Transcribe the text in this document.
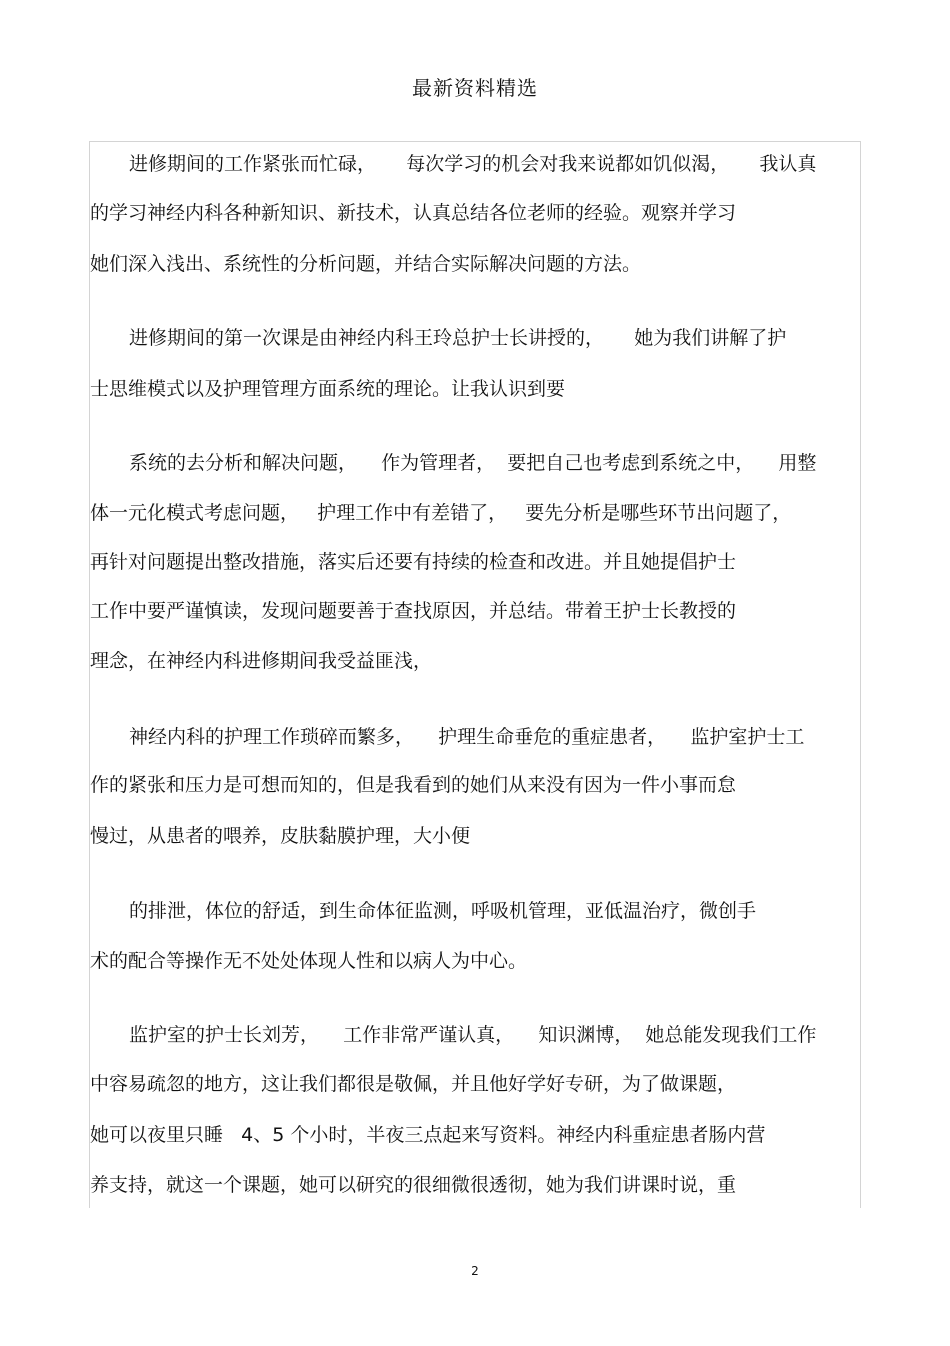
最新资料精选
进修期间的工作紧张而忙碌，     每次学习的机会对我来说都如饥似渴，     我认真
的学习神经内科各种新知识、新技术，认真总结各位老师的经验。观察并学习
她们深入浅出、系统性的分析问题，并结合实际解决问题的方法。
进修期间的第一次课是由神经内科王玲总护士长讲授的，     她为我们讲解了护
士思维模式以及护理管理方面系统的理论。让我认识到要
系统的去分析和解决问题，    作为管理者，  要把自己也考虑到系统之中，    用整
体一元化模式考虑问题，   护理工作中有差错了，   要先分析是哪些环节出问题了，
再针对问题提出整改措施，落实后还要有持续的检查和改进。并且她提倡护士
工作中要严谨慎读，发现问题要善于查找原因，并总结。带着王护士长教授的
理念，在神经内科进修期间我受益匪浅，
神经内科的护理工作琐碎而繁多，    护理生命垂危的重症患者，    监护室护士工
作的紧张和压力是可想而知的，但是我看到的她们从来没有因为一件小事而怠
慢过，从患者的喂养，皮肤黏膜护理，大小便
的排泄，体位的舒适，到生命体征监测，呼吸机管理，亚低温治疗，微创手
术的配合等操作无不处处体现人性和以病人为中心。
监护室的护士长刘芳，    工作非常严谨认真，    知识渊博，  她总能发现我们工作
中容易疏忽的地方，这让我们都很是敬佩，并且他好学好专研，为了做课题，
她可以夜里只睡   4、5 个小时，半夜三点起来写资料。神经内科重症患者肠内营
养支持，就这一个课题，她可以研究的很细微很透彻，她为我们讲课时说，重
2
